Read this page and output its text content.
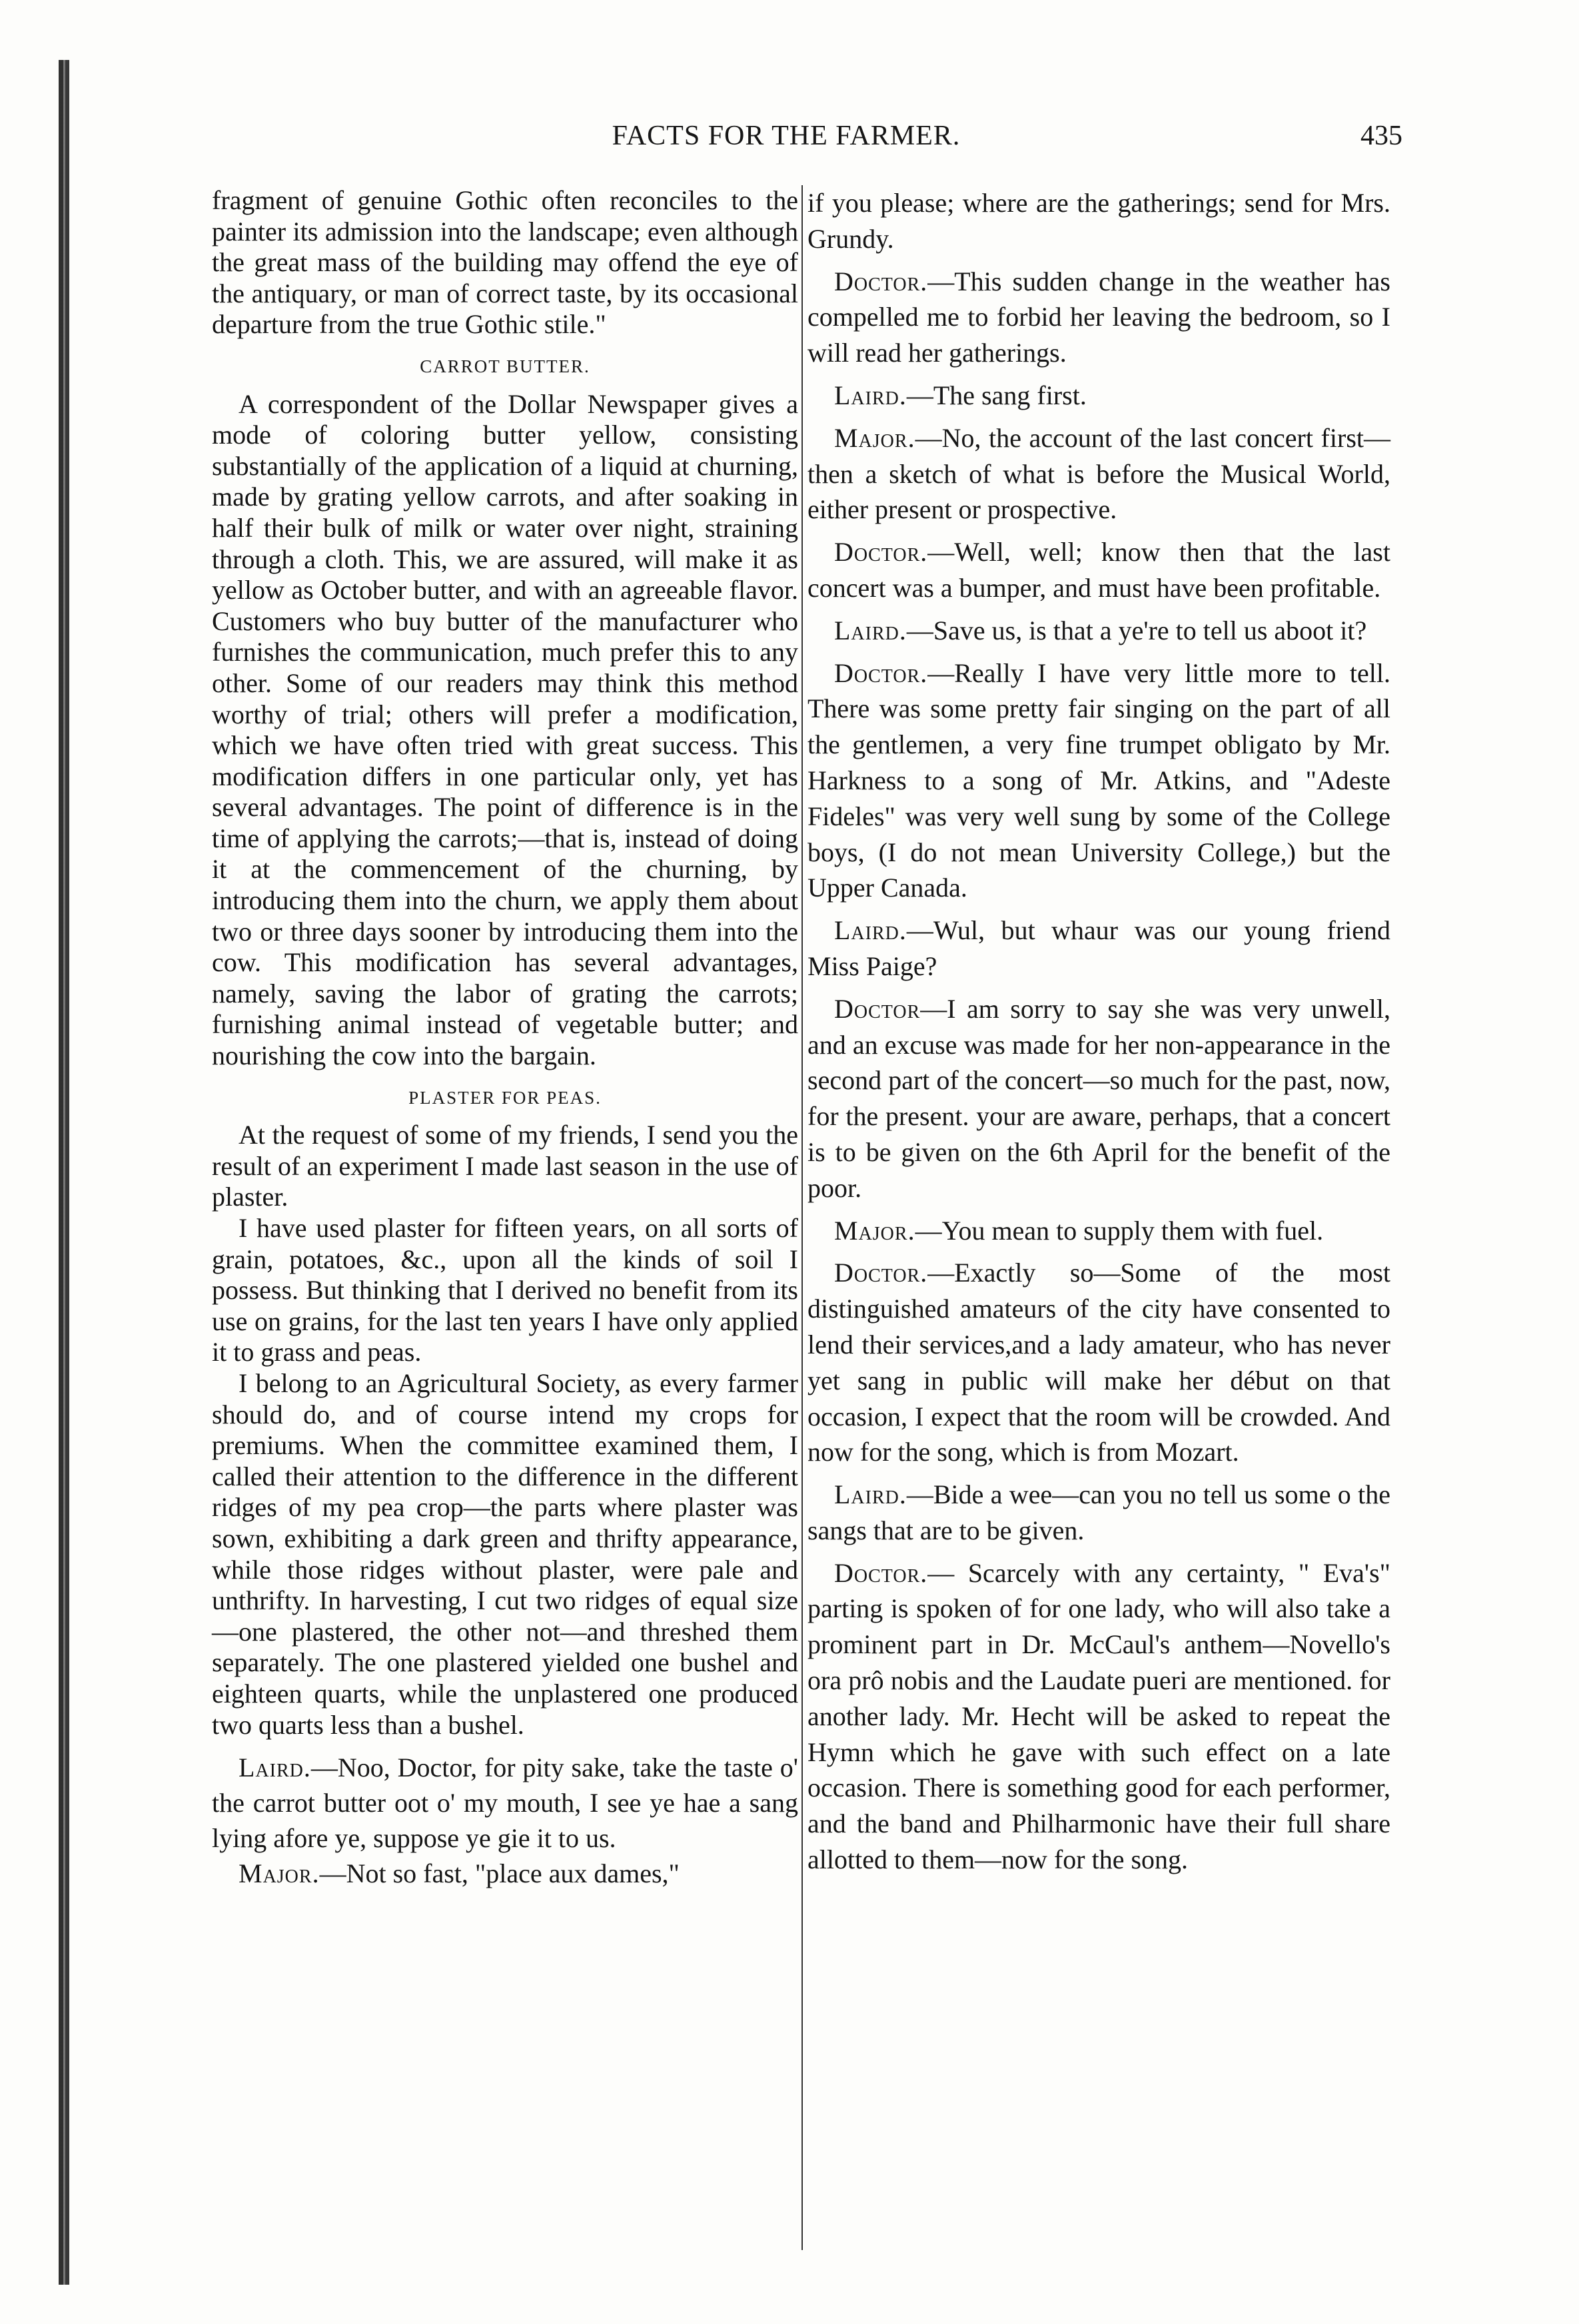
FACTS FOR THE FARMER.	435

fragment of genuine Gothic often reconciles to the painter its admission into the landscape; even although the great mass of the building may offend the eye of the antiquary, or man of correct taste, by its occasional departure from the true Gothic stile."

CARROT BUTTER.

A correspondent of the Dollar Newspaper gives a mode of coloring butter yellow, consisting substantially of the application of a liquid at churning, made by grating yellow carrots, and after soaking in half their bulk of milk or water over night, straining through a cloth. This, we are assured, will make it as yellow as October butter, and with an agreeable flavor. Customers who buy butter of the manufacturer who furnishes the communication, much prefer this to any other. Some of our readers may think this method worthy of trial; others will prefer a modification, which we have often tried with great success. This modification differs in one particular only, yet has several advantages. The point of difference is in the time of applying the carrots;—that is, instead of doing it at the commencement of the churning, by introducing them into the churn, we apply them about two or three days sooner by introducing them into the cow. This modification has several advantages, namely, saving the labor of grating the carrots; furnishing animal instead of vegetable butter; and nourishing the cow into the bargain.

PLASTER FOR PEAS.

At the request of some of my friends, I send you the result of an experiment I made last season in the use of plaster.

I have used plaster for fifteen years, on all sorts of grain, potatoes, &c., upon all the kinds of soil I possess. But thinking that I derived no benefit from its use on grains, for the last ten years I have only applied it to grass and peas.

I belong to an Agricultural Society, as every farmer should do, and of course intend my crops for premiums. When the committee examined them, I called their attention to the difference in the different ridges of my pea crop—the parts where plaster was sown, exhibiting a dark green and thrifty appearance, while those ridges without plaster, were pale and unthrifty. In harvesting, I cut two ridges of equal size—one plastered, the other not—and threshed them separately. The one plastered yielded one bushel and eighteen quarts, while the unplastered one produced two quarts less than a bushel.

Laird.—Noo, Doctor, for pity sake, take the taste o' the carrot butter oot o' my mouth, I see ye hae a sang lying afore ye, suppose ye gie it to us.

Major.—Not so fast, "place aux dames,"

if you please; where are the gatherings; send for Mrs. Grundy.

Doctor.—This sudden change in the weather has compelled me to forbid her leaving the bedroom, so I will read her gatherings.

Laird.—The sang first.

Major.—No, the account of the last concert first—then a sketch of what is before the Musical World, either present or prospective.

Doctor.—Well, well; know then that the last concert was a bumper, and must have been profitable.

Laird.—Save us, is that a ye're to tell us aboot it?

Doctor.—Really I have very little more to tell. There was some pretty fair singing on the part of all the gentlemen, a very fine trumpet obligato by Mr. Harkness to a song of Mr. Atkins, and "Adeste Fideles" was very well sung by some of the College boys, (I do not mean University College,) but the Upper Canada.

Laird.—Wul, but whaur was our young friend Miss Paige?

Doctor—I am sorry to say she was very unwell, and an excuse was made for her non-appearance in the second part of the concert—so much for the past, now, for the present. your are aware, perhaps, that a concert is to be given on the 6th April for the benefit of the poor.

Major.—You mean to supply them with fuel.

Doctor.—Exactly so—Some of the most distinguished amateurs of the city have consented to lend their services,and a lady amateur, who has never yet sang in public will make her début on that occasion, I expect that the room will be crowded. And now for the song, which is from Mozart.

Laird.—Bide a wee—can you no tell us some o the sangs that are to be given.

Doctor.— Scarcely with any certainty, " Eva's" parting is spoken of for one lady, who will also take a prominent part in Dr. McCaul's anthem—Novello's ora prô nobis and the Laudate pueri are mentioned. for another lady. Mr. Hecht will be asked to repeat the Hymn which he gave with such effect on a late occasion. There is something good for each performer, and the band and Philharmonic have their full share allotted to them—now for the song.
